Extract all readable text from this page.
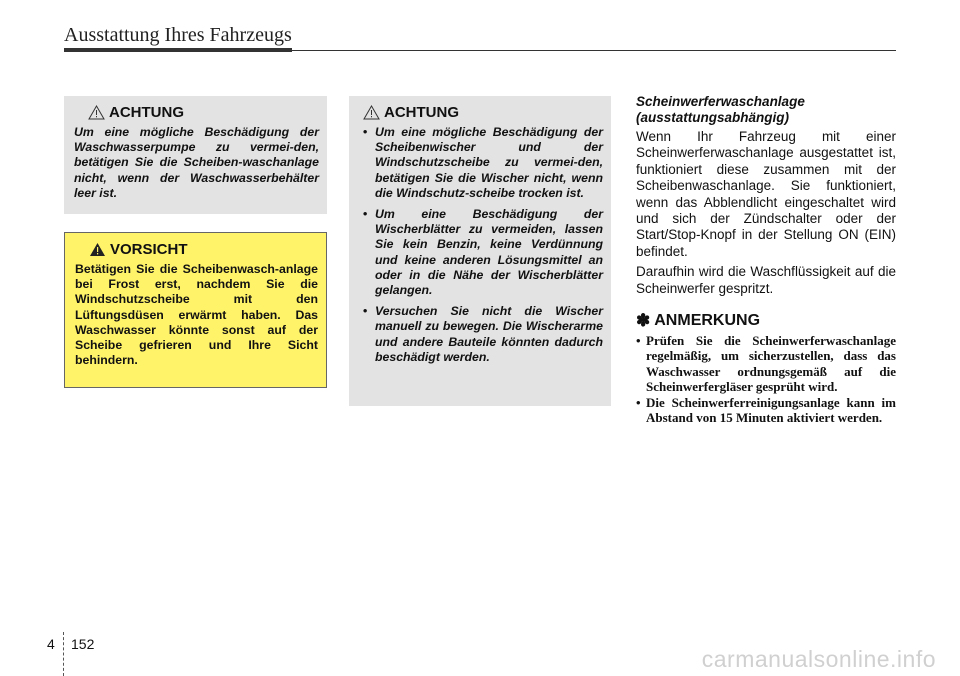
Ausstattung Ihres Fahrzeugs
ACHTUNG
Um eine mögliche Beschädigung der Waschwasserpumpe zu vermei-den, betätigen Sie die Scheiben-waschanlage nicht, wenn der Waschwasserbehälter leer ist.
VORSICHT
Betätigen Sie die Scheibenwasch-anlage bei Frost erst, nachdem Sie die Windschutzscheibe mit den Lüftungsdüsen erwärmt haben. Das Waschwasser könnte sonst auf der Scheibe gefrieren und Ihre Sicht behindern.
ACHTUNG
• Um eine mögliche Beschädigung der Scheibenwischer und der Windschutzscheibe zu vermei-den, betätigen Sie die Wischer nicht, wenn die Windschutz-scheibe trocken ist.
• Um eine Beschädigung der Wischerblätter zu vermeiden, lassen Sie kein Benzin, keine Verdünnung und keine anderen Lösungsmittel an oder in die Nähe der Wischerblätter gelangen.
• Versuchen Sie nicht die Wischer manuell zu bewegen. Die Wischerarme und andere Bauteile könnten dadurch beschädigt werden.
Scheinwerferwaschanlage (ausstattungsabhängig)

Wenn Ihr Fahrzeug mit einer Scheinwerferwaschanlage ausgestattet ist, funktioniert diese zusammen mit der Scheibenwaschanlage. Sie funktioniert, wenn das Abblendlicht eingeschaltet wird und sich der Zündschalter oder der Start/Stop-Knopf in der Stellung ON (EIN) befindet.

Daraufhin wird die Waschflüssigkeit auf die Scheinwerfer gespritzt.

✽ ANMERKUNG
• Prüfen Sie die Scheinwerferwaschanlage regelmäßig, um sicherzustellen, dass das Waschwasser ordnungsgemäß auf die Scheinwerfergläser gesprüht wird.
• Die Scheinwerferreinigungsanlage kann im Abstand von 15 Minuten aktiviert werden.
4 152
carmanualsonline.info
